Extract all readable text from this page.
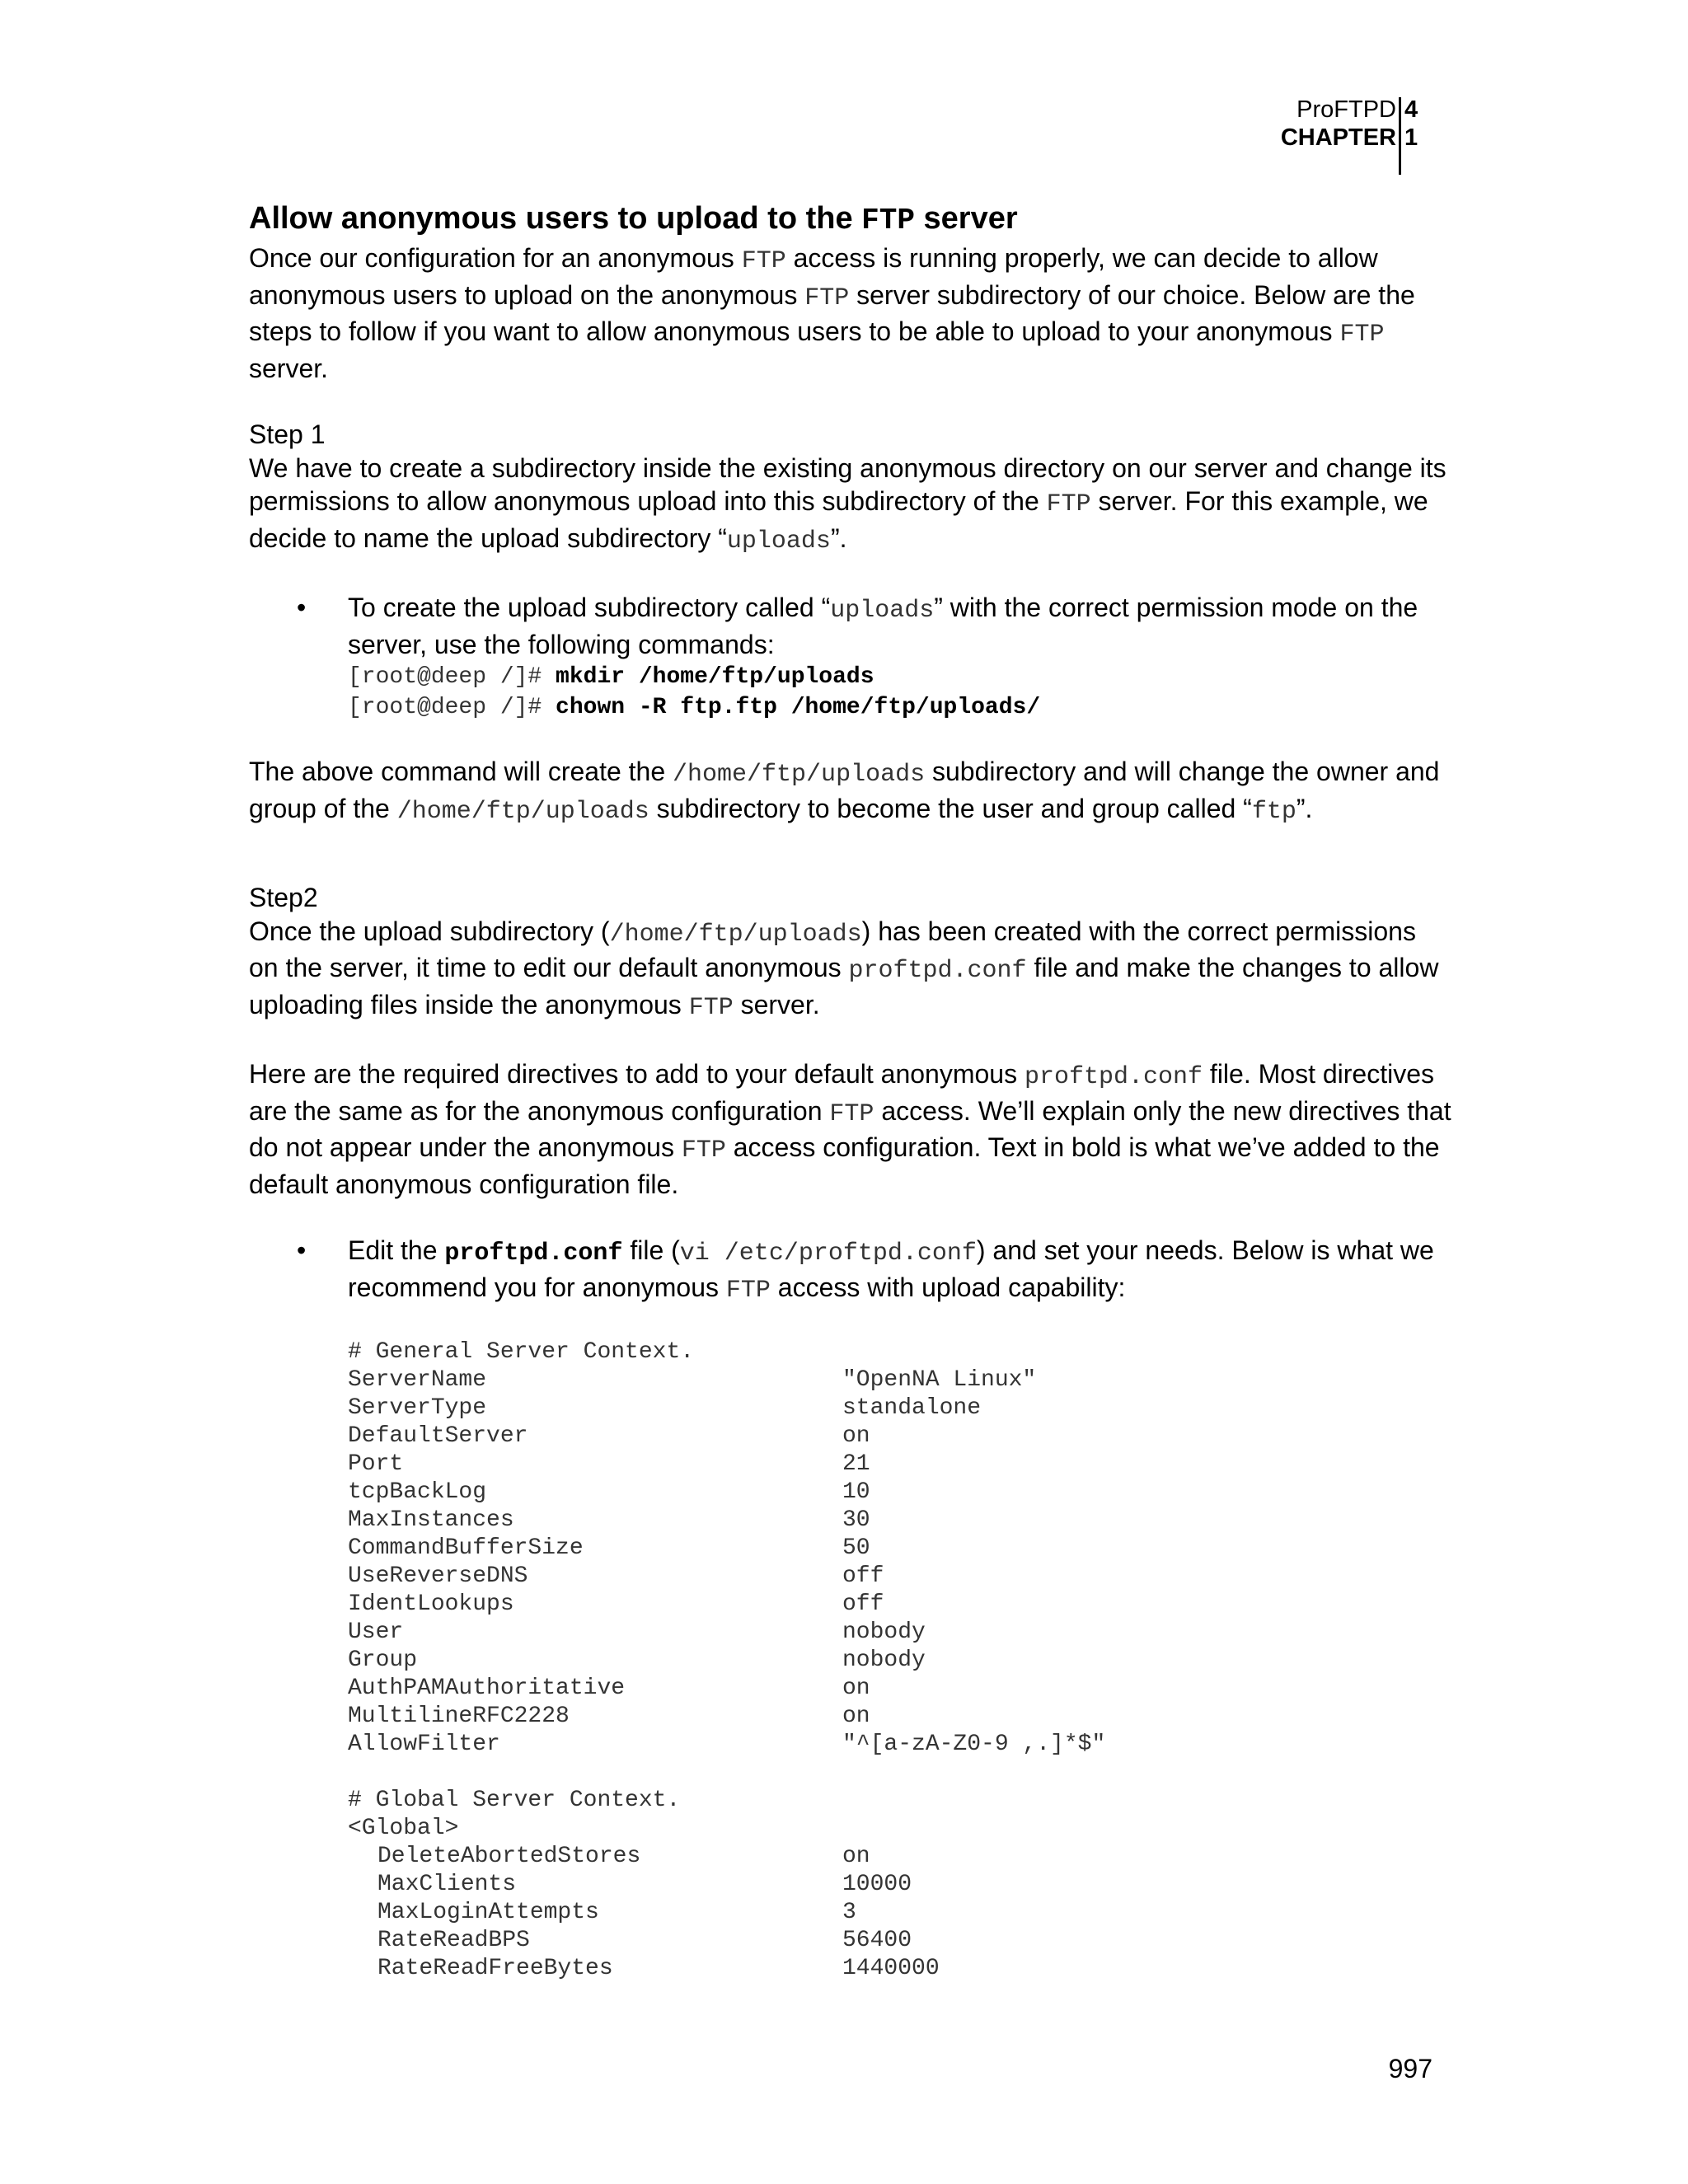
ProFTPD 4
CHAPTER 1
Allow anonymous users to upload to the FTP server

Once our configuration for an anonymous FTP access is running properly, we can decide to allow anonymous users to upload on the anonymous FTP server subdirectory of our choice. Below are the steps to follow if you want to allow anonymous users to be able to upload to your anonymous FTP server.

Step 1

We have to create a subdirectory inside the existing anonymous directory on our server and change its permissions to allow anonymous upload into this subdirectory of the FTP server. For this example, we decide to name the upload subdirectory “uploads”.

• To create the upload subdirectory called “uploads” with the correct permission mode on the server, use the following commands:
[root@deep /]# mkdir /home/ftp/uploads
[root@deep /]# chown -R ftp.ftp /home/ftp/uploads/

The above command will create the /home/ftp/uploads subdirectory and will change the owner and group of the /home/ftp/uploads subdirectory to become the user and group called “ftp”.

Step2

Once the upload subdirectory (/home/ftp/uploads) has been created with the correct permissions on the server, it time to edit our default anonymous proftpd.conf file and make the changes to allow uploading files inside the anonymous FTP server.

Here are the required directives to add to your default anonymous proftpd.conf file. Most directives are the same as for the anonymous configuration FTP access. We’ll explain only the new directives that do not appear under the anonymous FTP access configuration. Text in bold is what we’ve added to the default anonymous configuration file.

• Edit the proftpd.conf file (vi /etc/proftpd.conf) and set your needs. Below is what we recommend you for anonymous FTP access with upload capability:
# General Server Context.
ServerName	"OpenNA Linux"
ServerType	standalone
DefaultServer	on
Port	21
tcpBackLog	10
MaxInstances	30
CommandBufferSize	50
UseReverseDNS	off
IdentLookups	off
User	nobody
Group	nobody
AuthPAMAuthoritative	on
MultilineRFC2228	on
AllowFilter	"^[a-zA-Z0-9 ,.]*$"
# Global Server Context.
<Global>
DeleteAbortedStores	on
MaxClients	10000
MaxLoginAttempts	3
RateReadBPS	56400
RateReadFreeBytes	1440000
997
